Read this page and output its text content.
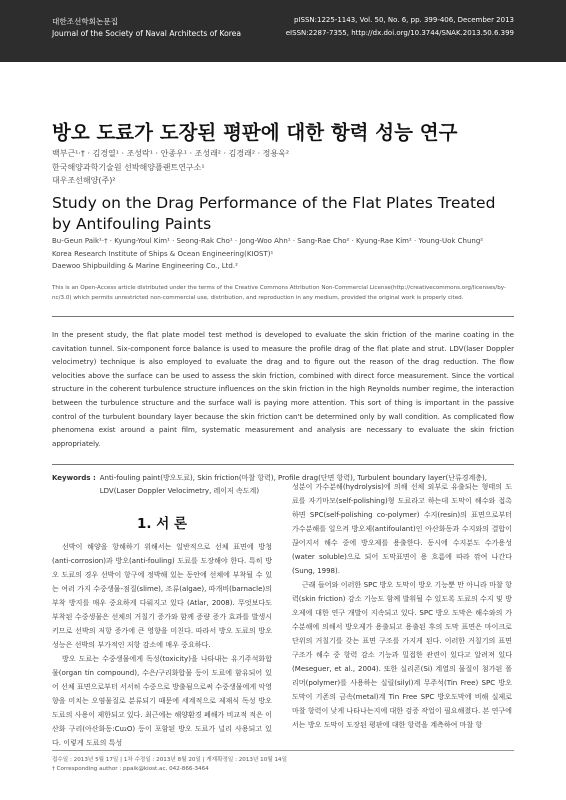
대한조선학회논문집
Journal of the Society of Naval Architects of Korea
pISSN:1225-1143, Vol. 50, No. 6, pp. 399-406, December 2013
eISSN:2287-7355, http://dx.doi.org/10.3744/SNAK.2013.50.6.399
방오 도료가 도장된 평판에 대한 항력 성능 연구
백부근¹·† · 김경열¹ · 조성락¹ · 안종우¹ · 조성래² · 김경래² · 정용욱²
한국해양과학기술원 선박해양플랜트연구소¹
대우조선해양(주)²
Study on the Drag Performance of the Flat Plates Treated
by Antifouling Paints
Bu-Geun Paik¹·† · Kyung-Youl Kim¹ · Seong-Rak Cho¹ · Jong-Woo Ahn¹ · Sang-Rae Cho² · Kyung-Rae Kim² · Young-Uok Chung²
Korea Research Institute of Ships & Ocean Engineering(KIOST)¹
Daewoo Shipbuilding & Marine Engineering Co., Ltd.²
This is an Open-Access article distributed under the terms of the Creative Commons Attribution Non-Commercial License(http://creativecommons.org/licenses/by-nc/3.0) which permits unrestricted non-commercial use, distribution, and reproduction in any medium, provided the original work is properly cited.
In the present study, the flat plate model test method is developed to evaluate the skin friction of the marine coating in the cavitation tunnel. Six-component force balance is used to measure the profile drag of the flat plate and strut. LDV(laser Doppler velocimetry) technique is also employed to evaluate the drag and to figure out the reason of the drag reduction. The flow velocities above the surface can be used to assess the skin friction, combined with direct force measurement. Since the vortical structure in the coherent turbulence structure influences on the skin friction in the high Reynolds number regime, the interaction between the turbulence structure and the surface wall is paying more attention. This sort of thing is important in the passive control of the turbulent boundary layer because the skin friction can't be determined only by wall condition. As complicated flow phenomena exist around a paint film, systematic measurement and analysis are necessary to evaluate the skin friction appropriately.
Keywords : Anti-fouling paint(방오도료), Skin friction(마찰 항력), Profile drag(단면 항력), Turbulent boundary layer(난류경계층), LDV(Laser Doppler Velocimetry, 레이저 속도계)
1. 서 론

선박이 해양을 항해하기 위해서는 일반적으로 선체 표면에 방청(anti-corrosion)과 방오(anti-fouling) 도료를 도장해야 한다. 특히 방오 도료의 경우 선박이 항구에 정박해 있는 동안에 선체에 부착될 수 있는 여러 가지 수중생물-점질(slime), 조류(algae), 따개비(barnacle)의 부착 방지를 매우 중요하게 다뤄지고 있다 (Atlar, 2008). 무엇보다도 부착된 수중생물은 선체의 거칠기 증가와 함께 증량 증가 효과를 발생시키므로 선박의 저항 증가에 큰 영향을 미친다. 따라서 방오 도료의 방오 성능은 선박의 부가적인 저항 감소에 매우 중요하다.

방오 도료는 수중생물에게 독성(toxicity)을 나타내는 유기주석화합물(organ tin compound), 수은/구리화합물 등이 도료에 함유되어 있어 선체 표면으로부터 서서히 수중으로 방출됨으로써 수중생물에게 악영향을 미치는 오염물질로 분류되기 때문에 세계적으로 제재식 독성 방오 도료의 사용이 제한되고 있다. 최근에는 해양환경 폐해가 비교적 적은 이산화 구리(아산화동:Cu₂O) 등이 포함된 방오 도료가 널리 사용되고 있다. 이렇게 도료의 특성

성분이 가수분해(hydrolysis)에 의해 선체 외부로 유출되는 형태의 도료를 자기마모(self-polishing)형 도료라고 하는데 도막이 해수와 접촉하면 SPC(self-polishing co-polymer) 수지(resin)의 표면으로부터 가수분해를 일으켜 방오제(antifoulant)인 아산화동과 수지와의 결합이 끊어지서 해수 중에 방오제를 용출한다. 동시에 수지분도 수가용성(water soluble)으로 되어 도막표면이 용 흐름에 따라 깎여 나간다 (Sung, 1998).

근래 들어와 이러한 SPC 방오 도막이 방오 기능뿐 만 아니라 마찰 항력(skin friction) 감소 기능도 함께 발휘될 수 있도록 도료의 수지 및 방오제에 대한 연구 개발이 지속되고 있다. SPC 방오 도막은 해수와의 가수분해에 의해서 방오제가 용출되고 용출된 후의 도막 표면은 마이크로 단위의 거칠기를 갖는 표면 구조를 가지게 된다. 이러한 거칠기의 표면 구조가 해수 중 항력 감소 기능과 밀접한 관련이 있다고 알려져 있다 (Meseguer, et al., 2004). 또한 실리콘(Si) 계열의 물질이 첨가된 폴리머(polymer)를 사용하는 실릴(silyl)계 무주석(Tin Free) SPC 방오도막이 기존의 금속(metal)계 Tin Free SPC 방오도막에 비해 실제로 마찰 항력이 낮게 나타나는지에 대한 검증 작업이 필요해졌다. 본 연구에서는 방오 도막이 도장된 평판에 대한 항력을 계측하여 마찰 항

접수일 : 2013년 5월 17일 | 1차 수정일 : 2013년 8월 20일 | 게재확정일 : 2013년 10월 14일
† Corresponding author : ppaik@kiost.ac, 042-866-3464
